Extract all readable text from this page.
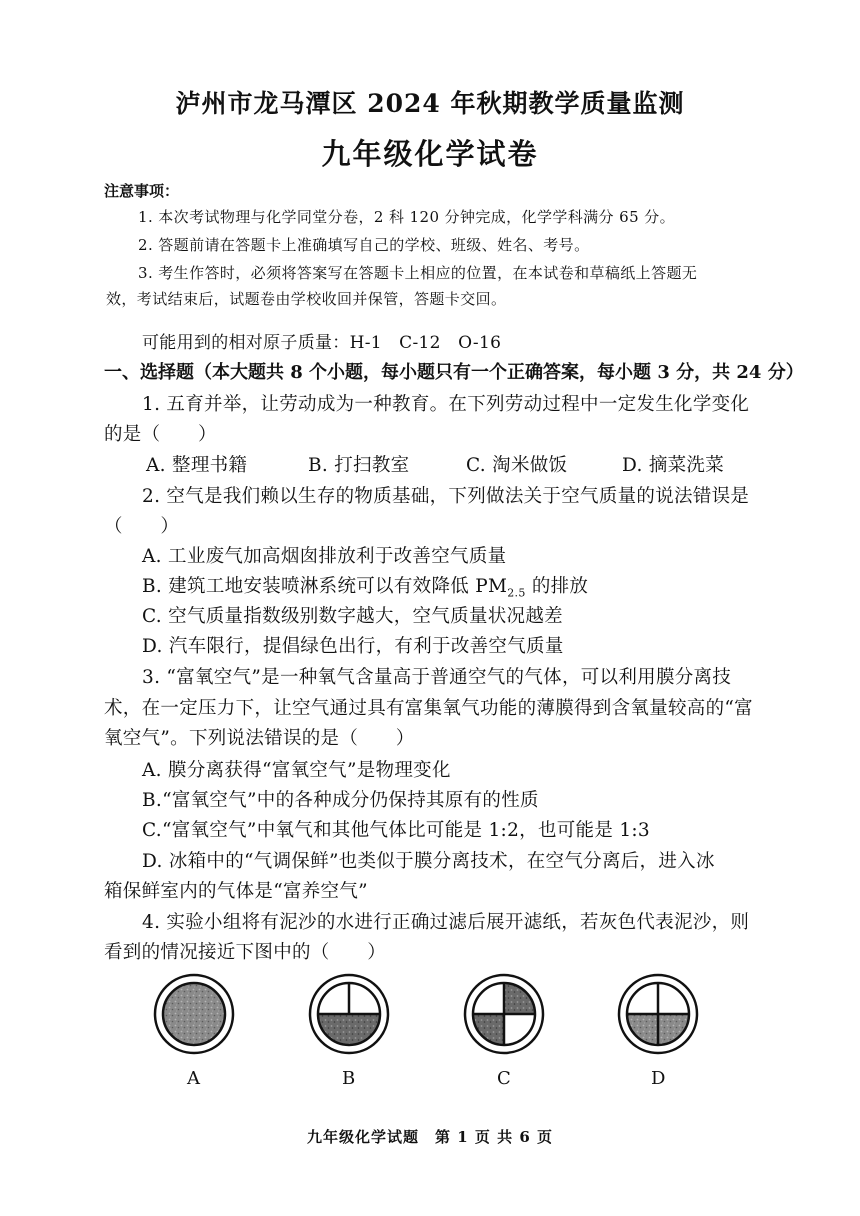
泸州市龙马潭区 2024 年秋期教学质量监测
九年级化学试卷
注意事项：
1. 本次考试物理与化学同堂分卷，2 科 120 分钟完成，化学学科满分 65 分。
2. 答题前请在答题卡上准确填写自己的学校、班级、姓名、考号。
3. 考生作答时，必须将答案写在答题卡上相应的位置，在本试卷和草稿纸上答题无
效，考试结束后，试题卷由学校收回并保管，答题卡交回。
可能用到的相对原子质量：H-1　C-12　O-16
一、选择题（本大题共 8 个小题，每小题只有一个正确答案，每小题 3 分，共 24 分）
1. 五育并举，让劳动成为一种教育。在下列劳动过程中一定发生化学变化
的是（　　）
A. 整理书籍	B. 打扫教室	C. 淘米做饭	D. 摘菜洗菜
2. 空气是我们赖以生存的物质基础，下列做法关于空气质量的说法错误是
（　　）
A. 工业废气加高烟囱排放利于改善空气质量
B. 建筑工地安装喷淋系统可以有效降低 $PM_{2.5}$ 的排放
C. 空气质量指数级别数字越大，空气质量状况越差
D. 汽车限行，提倡绿色出行，有利于改善空气质量
3. “富氧空气”是一种氧气含量高于普通空气的气体，可以利用膜分离技
术，在一定压力下，让空气通过具有富集氧气功能的薄膜得到含氧量较高的“富
氧空气”。下列说法错误的是（　　）
A. 膜分离获得“富氧空气”是物理变化
B.“富氧空气”中的各种成分仍保持其原有的性质
C.“富氧空气”中氧气和其他气体比可能是 1:2，也可能是 1:3
D. 冰箱中的“气调保鲜”也类似于膜分离技术，在空气分离后，进入冰
箱保鲜室内的气体是“富养空气”
4. 实验小组将有泥沙的水进行正确过滤后展开滤纸，若灰色代表泥沙，则
看到的情况接近下图中的（　　）
A	B	C	D
九年级化学试题　第 1 页 共 6 页
